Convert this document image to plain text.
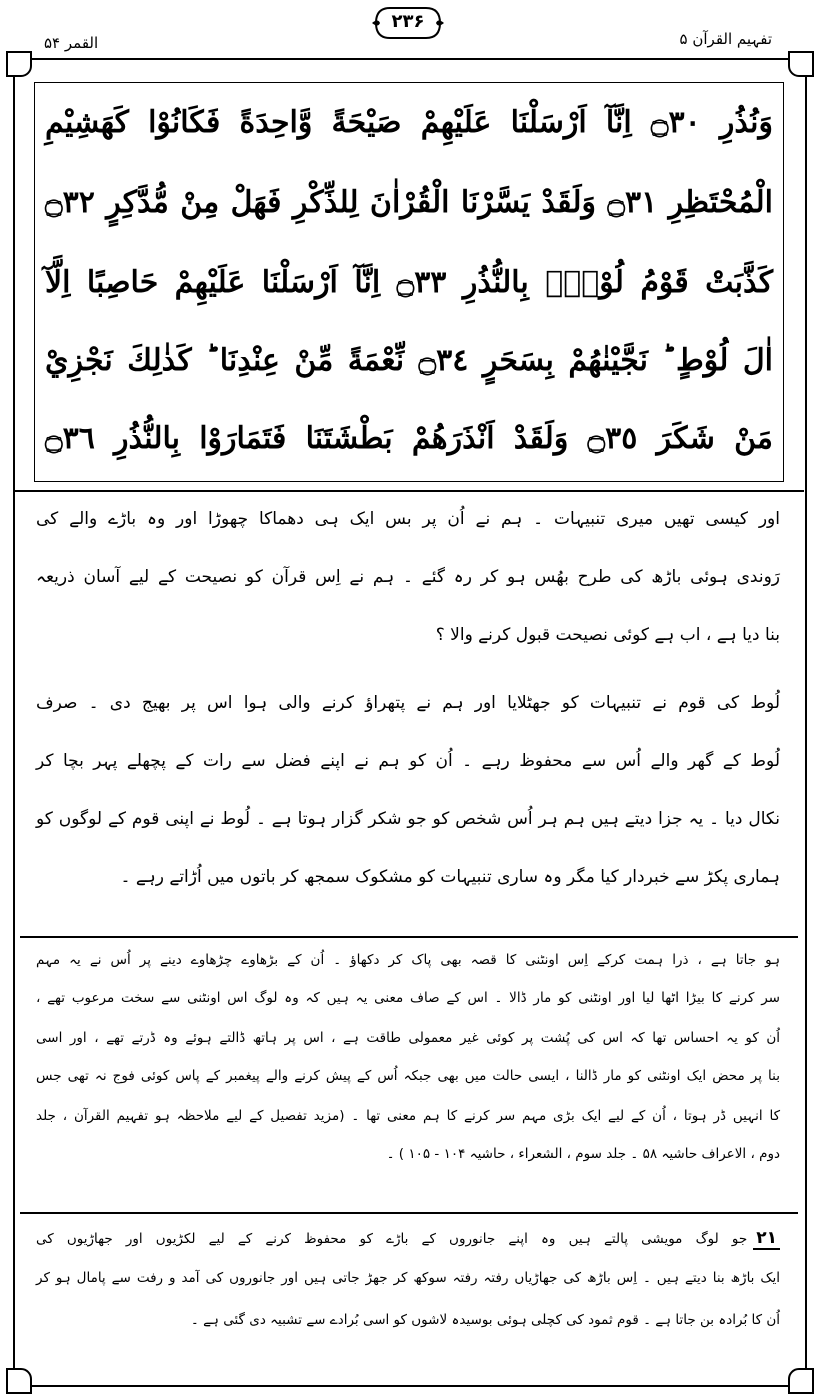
القمر ۵۴	تفہیم القرآن ۵
۲۳۶
وَنُذُرِ ۝٣٠ اِنَّآ اَرْسَلْنَا عَلَيْهِمْ صَيْحَةً وَّاحِدَةً فَكَانُوْا كَهَشِيْمِ
الْمُحْتَظِرِ ۝٣١ وَلَقَدْ يَسَّرْنَا الْقُرْاٰنَ لِلذِّكْرِ فَهَلْ مِنْ مُّدَّكِرٍ ۝٣٢
كَذَّبَتْ قَوْمُ لُوْطٍۢ بِالنُّذُرِ ۝٣٣ اِنَّآ اَرْسَلْنَا عَلَيْهِمْ حَاصِبًا اِلَّآ
اٰلَ لُوْطٍ ؕ نَجَّيْنٰهُمْ بِسَحَرٍ ۝٣٤ نِّعْمَةً مِّنْ عِنْدِنَا ؕ كَذٰلِكَ نَجْزِيْ
مَنْ شَكَرَ ۝٣٥ وَلَقَدْ اَنْذَرَهُمْ بَطْشَتَنَا فَتَمَارَوْا بِالنُّذُرِ ۝٣٦
اور کیسی تھیں میری تنبیہات ۔ ہم نے اُن پر بس ایک ہی دھماکا چھوڑا اور وہ باڑے والے کی
رَوندی ہوئی باڑھ کی طرح بھُس ہو کر رہ گئے ۔ ہم نے اِس قرآن کو نصیحت کے لیے آسان ذریعہ
بنا دیا ہے ، اب ہے کوئی نصیحت قبول کرنے والا ؟
لُوط کی قوم نے تنبیہات کو جھٹلایا اور ہم نے پتھراؤ کرنے والی ہوا اس پر بھیج دی ۔ صرف
لُوط کے گھر والے اُس سے محفوظ رہے ۔ اُن کو ہم نے اپنے فضل سے رات کے پچھلے پہر بچا کر
نکال دیا ۔ یہ جزا دیتے ہیں ہم ہر اُس شخص کو جو شکر گزار ہوتا ہے ۔ لُوط نے اپنی قوم کے لوگوں کو
ہماری پکڑ سے خبردار کیا مگر وہ ساری تنبیہات کو مشکوک سمجھ کر باتوں میں اُڑاتے رہے ۔
ہو جاتا ہے ، ذرا ہمت کرکے اِس اونٹنی کا قصہ بھی پاک کر دکھاؤ ۔ اُن کے بڑھاوے چڑھاوے دینے پر اُس نے یہ مہم
سر کرنے کا بیڑا اٹھا لیا اور اونٹنی کو مار ڈالا ۔ اس کے صاف معنی یہ ہیں کہ وہ لوگ اس اونٹنی سے سخت مرعوب تھے ،
اُن کو یہ احساس تھا کہ اس کی پُشت پر کوئی غیر معمولی طاقت ہے ، اس پر ہاتھ ڈالتے ہوئے وہ ڈرتے تھے ، اور اسی
بنا پر محض ایک اونٹنی کو مار ڈالنا ، ایسی حالت میں بھی جبکہ اُس کے پیش کرنے والے پیغمبر کے پاس کوئی فوج نہ تھی جس
کا انہیں ڈر ہوتا ، اُن کے لیے ایک بڑی مہم سر کرنے کا ہم معنی تھا ۔ (مزید تفصیل کے لیے ملاحظہ ہو تفہیم القرآن ، جلد
دوم ، الاعراف حاشیہ ۵۸ ۔ جلد سوم ، الشعراء ، حاشیہ ۱۰۴ - ۱۰۵ ) ۔
۲۱جو لوگ مویشی پالتے ہیں وہ اپنے جانوروں کے باڑے کو محفوظ کرنے کے لیے لکڑیوں اور جھاڑیوں کی
ایک باڑھ بنا دیتے ہیں ۔ اِس باڑھ کی جھاڑیاں رفتہ رفتہ سوکھ کر جھڑ جاتی ہیں اور جانوروں کی آمد و رفت سے پامال ہو کر
اُن کا بُرادہ بن جاتا ہے ۔ قوم ثمود کی کچلی ہوئی بوسیدہ لاشوں کو اسی بُرادے سے تشبیہ دی گئی ہے ۔
